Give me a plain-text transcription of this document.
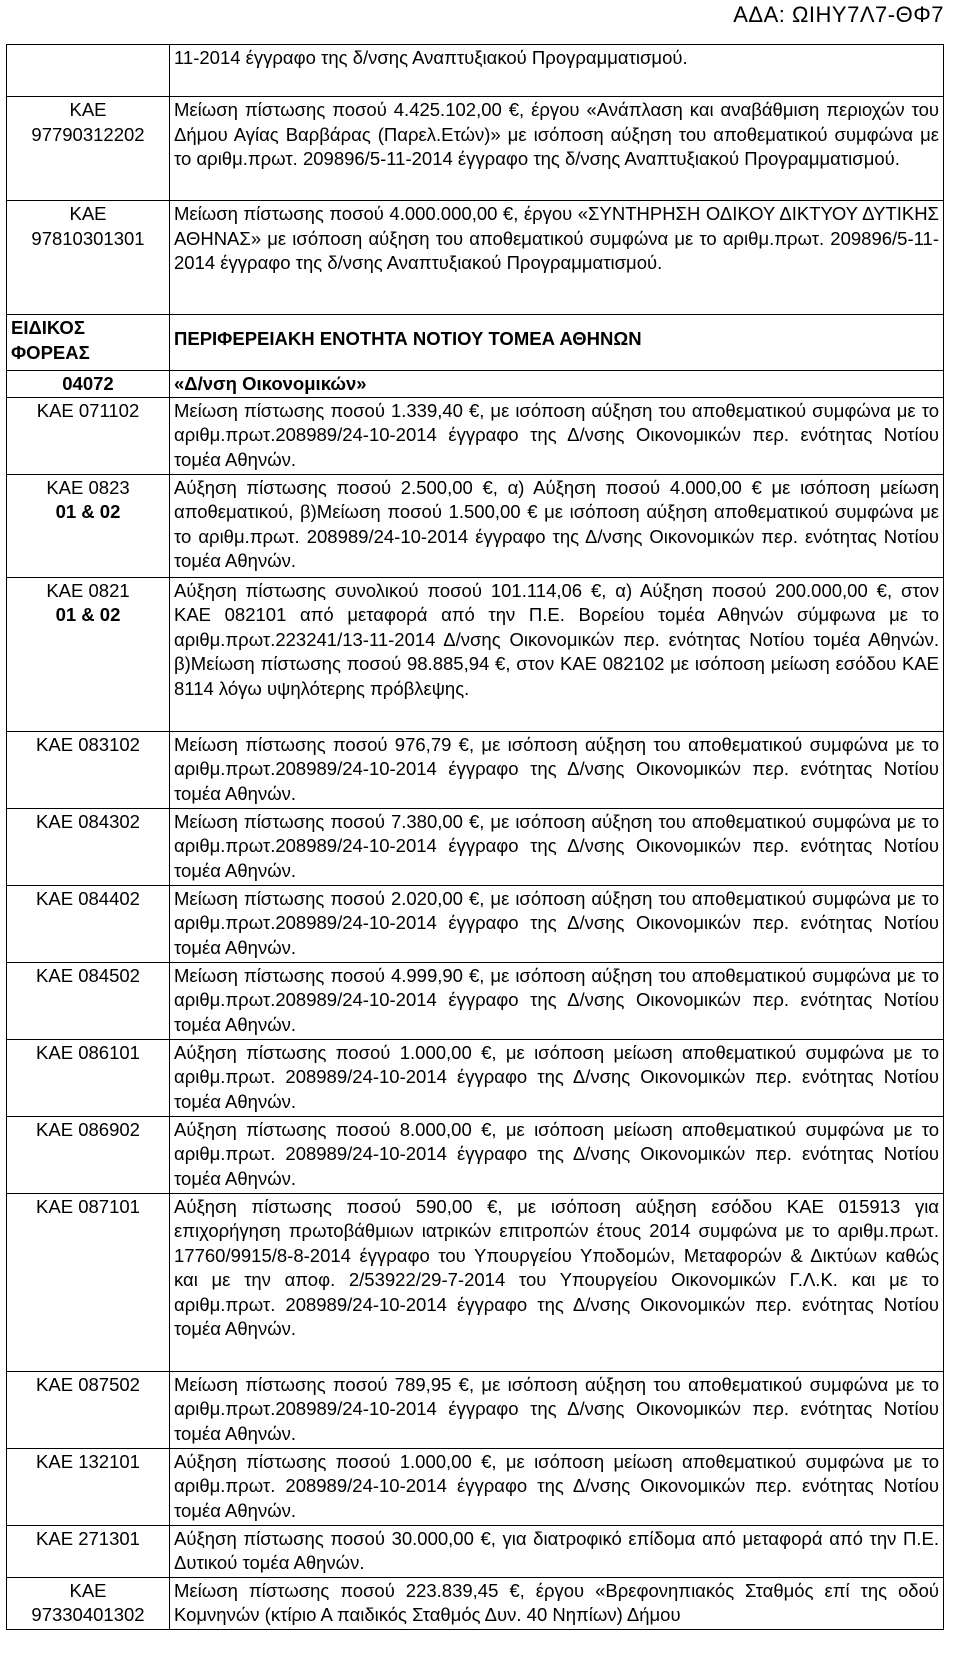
ΑΔΑ: ΩΙΗΥ7Λ7-ΘΦ7
	11-2014 έγγραφο της δ/νσης Αναπτυξιακού Προγραμματισμού.

ΚΑΕ
97790312202	Μείωση πίστωσης ποσού 4.425.102,00 €, έργου «Ανάπλαση και αναβάθμιση περιοχών του Δήμου Αγίας Βαρβάρας (Παρελ.Ετών)» με ισόποση αύξηση του αποθεματικού συμφώνα με το αριθμ.πρωτ. 209896/5-11-2014 έγγραφο της δ/νσης Αναπτυξιακού Προγραμματισμού.

ΚΑΕ
97810301301	Μείωση πίστωσης ποσού 4.000.000,00 €, έργου «ΣΥΝΤΗΡΗΣΗ ΟΔΙΚΟΥ ΔΙΚΤΥΟΥ ΔΥΤΙΚΗΣ ΑΘΗΝΑΣ» με ισόποση αύξηση του αποθεματικού συμφώνα με το αριθμ.πρωτ. 209896/5-11-2014 έγγραφο της δ/νσης Αναπτυξιακού Προγραμματισμού.
ΕΙΔΙΚΟΣ ΦΟΡΕΑΣ	ΠΕΡΙΦΕΡΕΙΑΚΗ ΕΝΟΤΗΤΑ ΝΟΤΙΟΥ ΤΟΜΕΑ ΑΘΗΝΩΝ
04072	«Δ/νση Οικονομικών»
ΚΑΕ 071102	Μείωση πίστωσης ποσού 1.339,40 €, με ισόποση αύξηση του αποθεματικού συμφώνα με το αριθμ.πρωτ.208989/24-10-2014 έγγραφο της Δ/νσης Οικονομικών περ. ενότητας Νοτίου τομέα Αθηνών.

ΚΑΕ 0823
01 & 02	Αύξηση πίστωσης ποσού 2.500,00 €, α) Αύξηση ποσού 4.000,00 € με ισόποση μείωση αποθεματικού, β)Μείωση ποσού 1.500,00 € με ισόποση αύξηση αποθεματικού συμφώνα με το αριθμ.πρωτ. 208989/24-10-2014 έγγραφο της Δ/νσης Οικονομικών περ. ενότητας Νοτίου τομέα Αθηνών.

ΚΑΕ 0821
01 & 02	Αύξηση πίστωσης συνολικού ποσού 101.114,06 €, α) Αύξηση ποσού 200.000,00 €, στον ΚΑΕ 082101 από μεταφορά από την Π.Ε. Βορείου τομέα Αθηνών σύμφωνα με το αριθμ.πρωτ.223241/13-11-2014 Δ/νσης Οικονομικών περ. ενότητας Νοτίου τομέα Αθηνών. β)Μείωση πίστωσης ποσού 98.885,94 €, στον ΚΑΕ 082102 με ισόποση μείωση εσόδου ΚΑΕ 8114 λόγω υψηλότερης πρόβλεψης.
ΚΑΕ 083102	Μείωση πίστωσης ποσού 976,79 €, με ισόποση αύξηση του αποθεματικού συμφώνα με το αριθμ.πρωτ.208989/24-10-2014 έγγραφο της Δ/νσης Οικονομικών περ. ενότητας Νοτίου τομέα Αθηνών.
ΚΑΕ 084302	Μείωση πίστωσης ποσού 7.380,00 €, με ισόποση αύξηση του αποθεματικού συμφώνα με το αριθμ.πρωτ.208989/24-10-2014 έγγραφο της Δ/νσης Οικονομικών περ. ενότητας Νοτίου τομέα Αθηνών.
ΚΑΕ 084402	Μείωση πίστωσης ποσού 2.020,00 €, με ισόποση αύξηση του αποθεματικού συμφώνα με το αριθμ.πρωτ.208989/24-10-2014 έγγραφο της Δ/νσης Οικονομικών περ. ενότητας Νοτίου τομέα Αθηνών.
ΚΑΕ 084502	Μείωση πίστωσης ποσού 4.999,90 €, με ισόποση αύξηση του αποθεματικού συμφώνα με το αριθμ.πρωτ.208989/24-10-2014 έγγραφο της Δ/νσης Οικονομικών περ. ενότητας Νοτίου τομέα Αθηνών.
ΚΑΕ 086101	Αύξηση πίστωσης ποσού 1.000,00 €, με ισόποση μείωση αποθεματικού συμφώνα με το αριθμ.πρωτ. 208989/24-10-2014 έγγραφο της Δ/νσης Οικονομικών περ. ενότητας Νοτίου τομέα Αθηνών.
ΚΑΕ 086902	Αύξηση πίστωσης ποσού 8.000,00 €, με ισόποση μείωση αποθεματικού συμφώνα με το αριθμ.πρωτ. 208989/24-10-2014 έγγραφο της Δ/νσης Οικονομικών περ. ενότητας Νοτίου τομέα Αθηνών.
ΚΑΕ 087101	Αύξηση πίστωσης ποσού 590,00 €, με ισόποση αύξηση εσόδου ΚΑΕ 015913 για επιχορήγηση πρωτοβάθμιων ιατρικών επιτροπών έτους 2014 συμφώνα με το αριθμ.πρωτ. 17760/9915/8-8-2014 έγγραφο του Υπουργείου Υποδομών, Μεταφορών & Δικτύων καθώς και με την αποφ. 2/53922/29-7-2014 του Υπουργείου Οικονομικών Γ.Λ.Κ. και με το αριθμ.πρωτ. 208989/24-10-2014 έγγραφο της Δ/νσης Οικονομικών περ. ενότητας Νοτίου τομέα Αθηνών.
ΚΑΕ 087502	Μείωση πίστωσης ποσού 789,95 €, με ισόποση αύξηση του αποθεματικού συμφώνα με το αριθμ.πρωτ.208989/24-10-2014 έγγραφο της Δ/νσης Οικονομικών περ. ενότητας Νοτίου τομέα Αθηνών.
ΚΑΕ 132101	Αύξηση πίστωσης ποσού 1.000,00 €, με ισόποση μείωση αποθεματικού συμφώνα με το αριθμ.πρωτ. 208989/24-10-2014 έγγραφο της Δ/νσης Οικονομικών περ. ενότητας Νοτίου τομέα Αθηνών.
ΚΑΕ 271301	Αύξηση πίστωσης ποσού 30.000,00 €, για διατροφικό επίδομα από μεταφορά από την Π.Ε. Δυτικού τομέα Αθηνών.

ΚΑΕ
97330401302	Μείωση πίστωσης ποσού 223.839,45 €, έργου «Βρεφονηπιακός Σταθμός επί της οδού Κομνηνών (κτίριο Α παιδικός Σταθμός Δυν. 40 Νηπίων) Δήμου
